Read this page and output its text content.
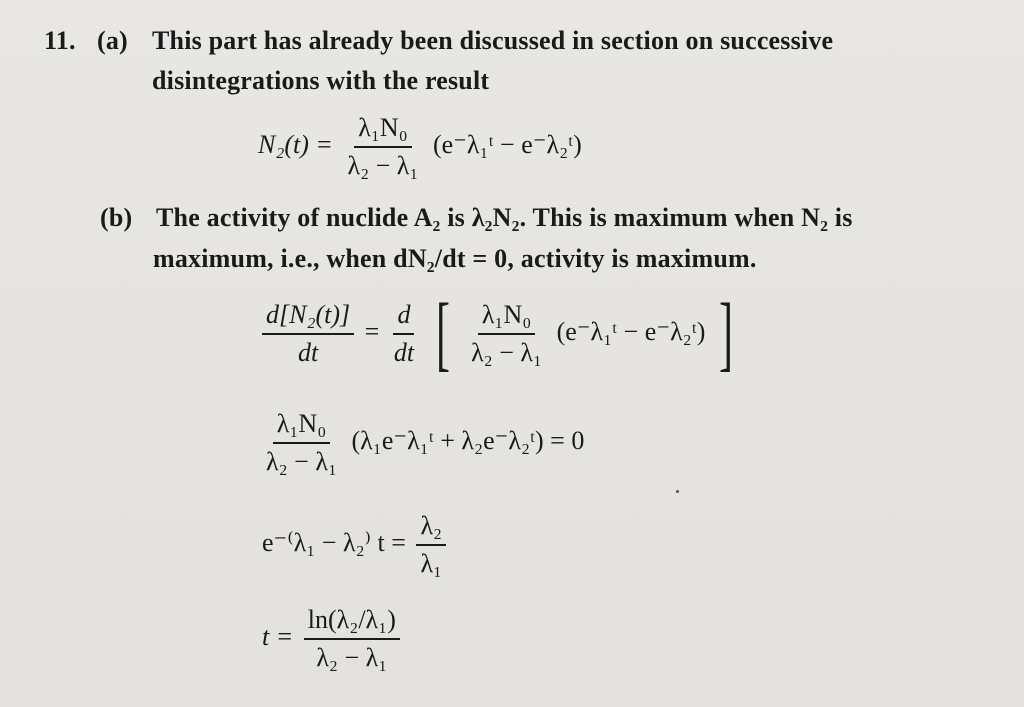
11. (a) This part has already been discussed in section on successive
disintegrations with the result
$N_2(t) = \frac{\text{λ₁N₀}}{\text{λ₂ − λ₁}}$ (e⁻λ₁ᵗ − e⁻λ₂ᵗ)
(b) The activity of nuclide A₂ is λ₂N₂. This is maximum when N₂ is
maximum, i.e., when dN₂/dt = 0, activity is maximum.
$\frac{\text{d[N₂(t)]}}{dt} = \frac{d}{dt}$ [ $\frac{\text{λ₁N₀}}{\text{λ₂ − λ₁}}$ (e⁻λ₁ᵗ − e⁻λ₂ᵗ) ]
$\frac{\text{λ₁N₀}}{\text{λ₂ − λ₁}}$ (λ₁e⁻λ₁ᵗ + λ₂e⁻λ₂ᵗ) = 0
e⁻⁽λ₁ − λ₂⁾ $t = \frac{\text{λ₂}}{\text{λ₁}}$
$t = \frac{\text{ln(λ₂/λ₁)}}{\text{λ₂ − λ₁}}$
